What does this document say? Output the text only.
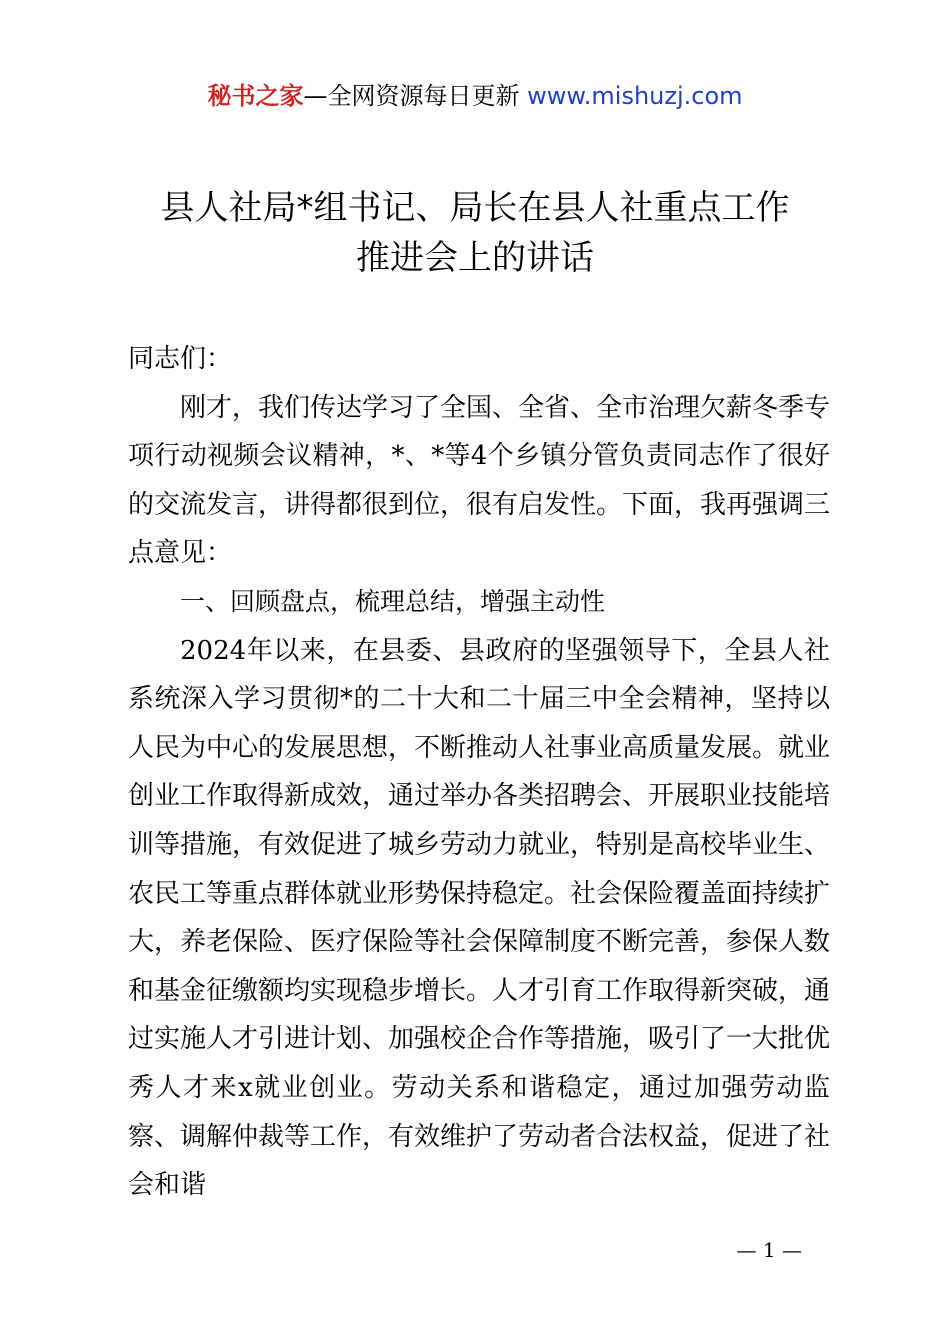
秘书之家—全网资源每日更新 www.mishuzj.com
县人社局*组书记、局长在县人社重点工作
推进会上的讲话

同志们：

刚才，我们传达学习了全国、全省、全市治理欠薪冬季专项行动视频会议精神，*、*等4个乡镇分管负责同志作了很好的交流发言，讲得都很到位，很有启发性。下面，我再强调三点意见：

一、回顾盘点，梳理总结，增强主动性

2024年以来，在县委、县政府的坚强领导下，全县人社系统深入学习贯彻*的二十大和二十届三中全会精神，坚持以人民为中心的发展思想，不断推动人社事业高质量发展。就业创业工作取得新成效，通过举办各类招聘会、开展职业技能培训等措施，有效促进了城乡劳动力就业，特别是高校毕业生、农民工等重点群体就业形势保持稳定。社会保险覆盖面持续扩大，养老保险、医疗保险等社会保障制度不断完善，参保人数和基金征缴额均实现稳步增长。人才引育工作取得新突破，通过实施人才引进计划、加强校企合作等措施，吸引了一大批优秀人才来x就业创业。劳动关系和谐稳定，通过加强劳动监察、调解仲裁等工作，有效维护了劳动者合法权益，促进了社会和谐

— 1 —
